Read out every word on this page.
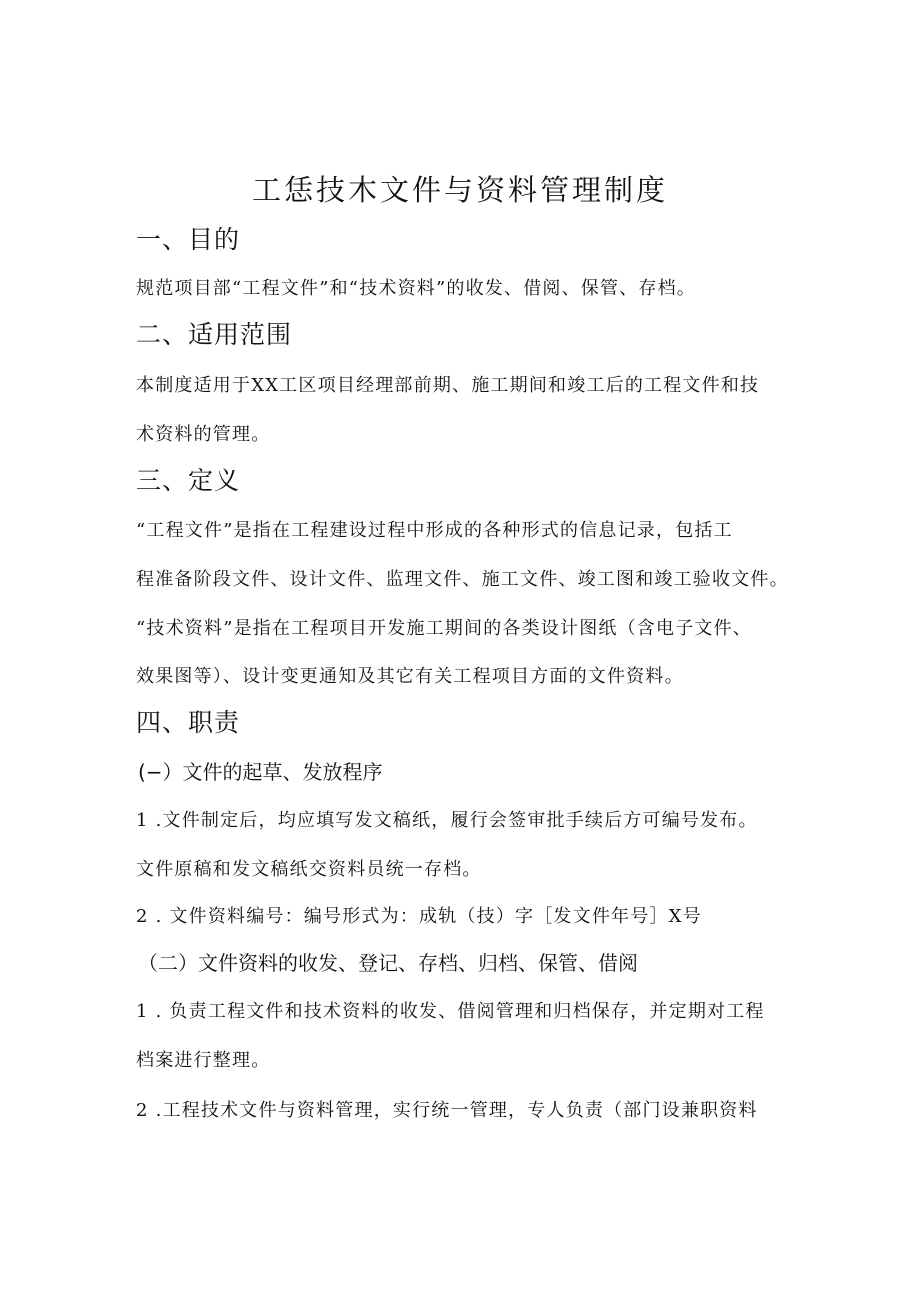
工恁技木文件与资料管理制度
一、目的
规范项目部“工程文件”和“技术资料”的收发、借阅、保管、存档。
二、适用范围
本制度适用于XX工区项目经理部前期、施工期间和竣工后的工程文件和技
术资料的管理。
三、定义
“工程文件”是指在工程建设过程中形成的各种形式的信息记录，包括工
程准备阶段文件、设计文件、监理文件、施工文件、竣工图和竣工验收文件。
“技术资料”是指在工程项目开发施工期间的各类设计图纸（含电子文件、
效果图等）、设计变更通知及其它有关工程项目方面的文件资料。
四、职责
(−）文件的起草、发放程序
1 .文件制定后，均应填写发文稿纸，履行会签审批手续后方可编号发布。
文件原稿和发文稿纸交资料员统一存档。
2 . 文件资料编号：编号形式为：成轨（技）字［发文件年号］X号
（二）文件资料的收发、登记、存档、归档、保管、借阅
1 . 负责工程文件和技术资料的收发、借阅管理和归档保存，并定期对工程
档案进行整理。
2 .工程技术文件与资料管理，实行统一管理，专人负责（部门设兼职资料
